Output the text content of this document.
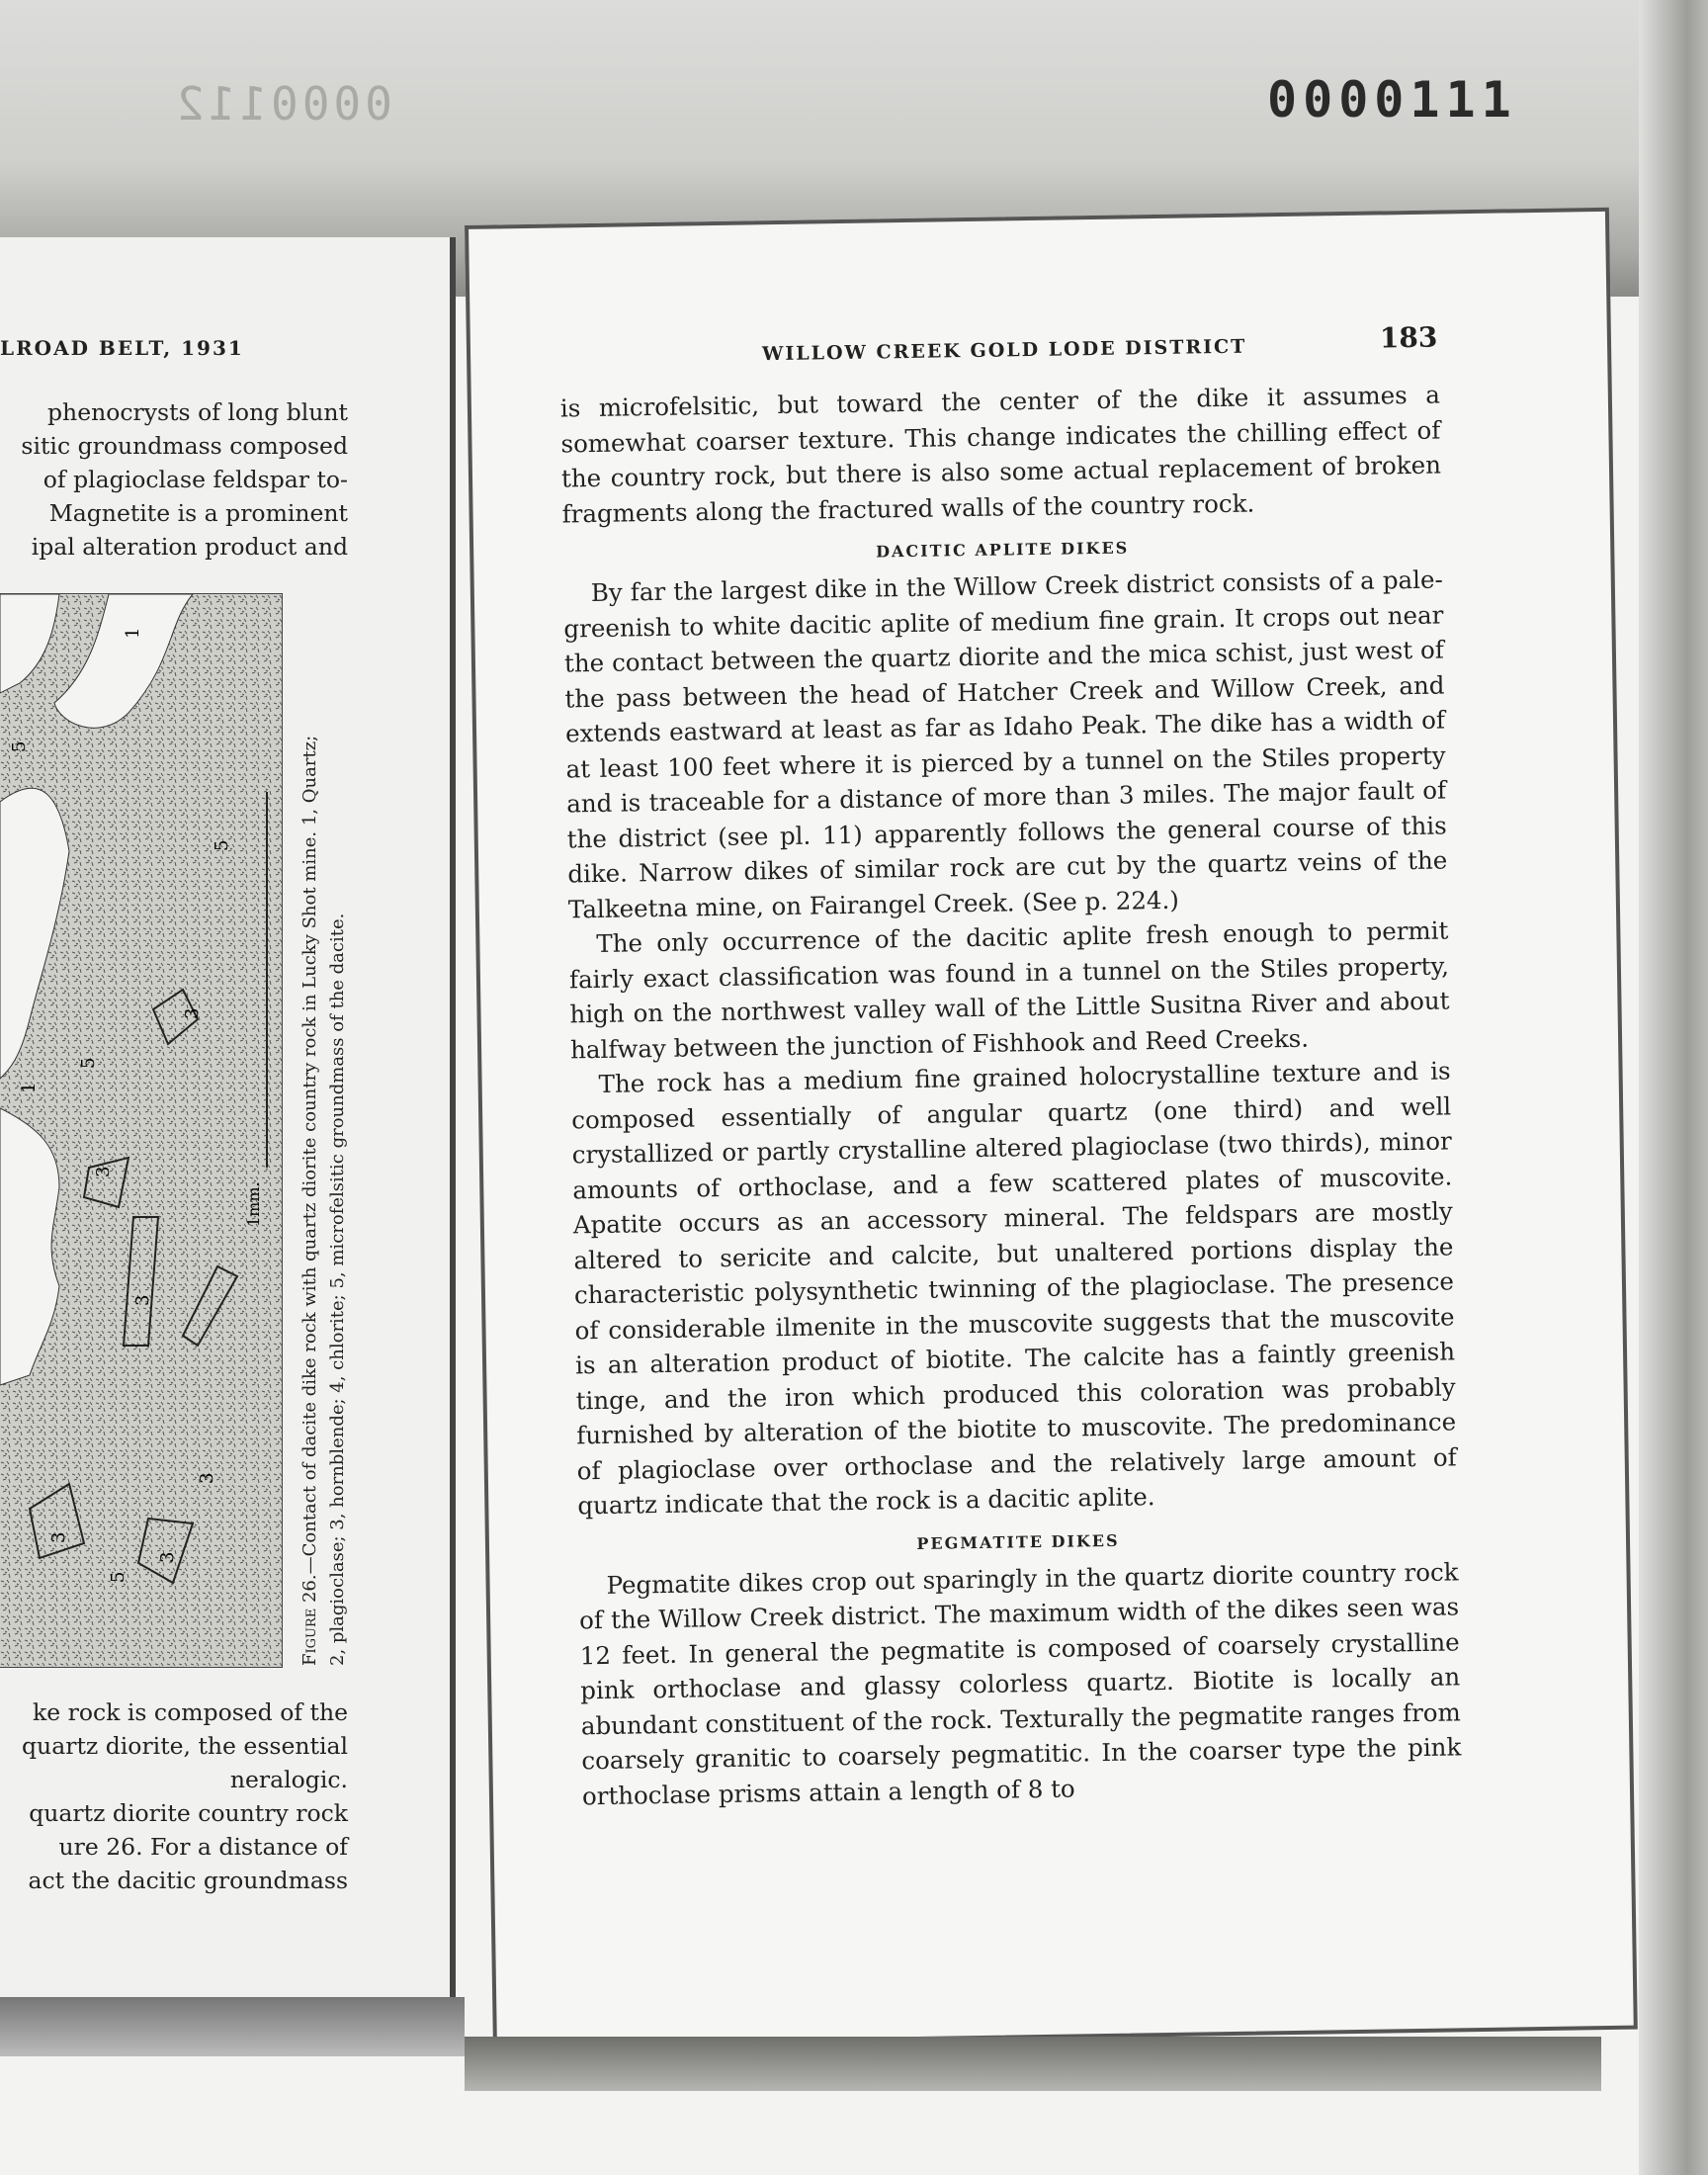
0000112	0000111
LROAD BELT, 1931
phenocrysts of long blunt
sitic groundmass composed
of plagioclase feldspar to-
Magnetite is a prominent
ipal alteration product and
1
1
5
5
5
5
3
3
3
3
3
3
1mm.
Figure 26.—Contact of dacite dike rock with quartz diorite country rock in Lucky Shot mine. 1, Quartz; 2, plagioclase; 3, hornblende; 4, chlorite; 5, microfelsitic groundmass of the dacite.
ke rock is composed of the
quartz diorite, the essential
neralogic.
quartz diorite country rock
ure 26. For a distance of
act the dacitic groundmass
WILLOW CREEK GOLD LODE DISTRICT	183

is microfelsitic, but toward the center of the dike it assumes a somewhat coarser texture. This change indicates the chilling effect of the country rock, but there is also some actual replacement of broken fragments along the fractured walls of the country rock.

DACITIC APLITE DIKES

By far the largest dike in the Willow Creek district consists of a pale-greenish to white dacitic aplite of medium fine grain. It crops out near the contact between the quartz diorite and the mica schist, just west of the pass between the head of Hatcher Creek and Willow Creek, and extends eastward at least as far as Idaho Peak. The dike has a width of at least 100 feet where it is pierced by a tunnel on the Stiles property and is traceable for a distance of more than 3 miles. The major fault of the district (see pl. 11) apparently follows the general course of this dike. Narrow dikes of similar rock are cut by the quartz veins of the Talkeetna mine, on Fairangel Creek. (See p. 224.)

The only occurrence of the dacitic aplite fresh enough to permit fairly exact classification was found in a tunnel on the Stiles property, high on the northwest valley wall of the Little Susitna River and about halfway between the junction of Fishhook and Reed Creeks.

The rock has a medium fine grained holocrystalline texture and is composed essentially of angular quartz (one third) and well crystallized or partly crystalline altered plagioclase (two thirds), minor amounts of orthoclase, and a few scattered plates of muscovite. Apatite occurs as an accessory mineral. The feldspars are mostly altered to sericite and calcite, but unaltered portions display the characteristic polysynthetic twinning of the plagioclase. The presence of considerable ilmenite in the muscovite suggests that the muscovite is an alteration product of biotite. The calcite has a faintly greenish tinge, and the iron which produced this coloration was probably furnished by alteration of the biotite to muscovite. The predominance of plagioclase over orthoclase and the relatively large amount of quartz indicate that the rock is a dacitic aplite.

PEGMATITE DIKES

Pegmatite dikes crop out sparingly in the quartz diorite country rock of the Willow Creek district. The maximum width of the dikes seen was 12 feet. In general the pegmatite is composed of coarsely crystalline pink orthoclase and glassy colorless quartz. Biotite is locally an abundant constituent of the rock. Texturally the pegmatite ranges from coarsely granitic to coarsely pegmatitic. In the coarser type the pink orthoclase prisms attain a length of 8 to
